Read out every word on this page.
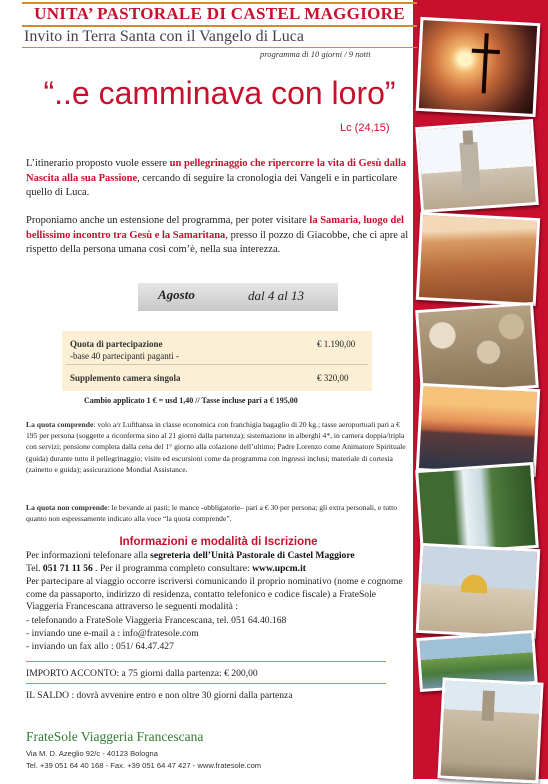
UNITA’ PASTORALE DI CASTEL MAGGIORE
Invito in Terra Santa con il Vangelo di Luca
programma di 10 giorni / 9 notti
“..e camminava con loro”
Lc (24,15)
L’itinerario proposto vuole essere un pellegrinaggio che ripercorre la vita di Gesù dalla Nascita alla sua Passione, cercando di seguire la cronologia dei Vangeli e in particolare quello di Luca.
Proponiamo anche un estensione del programma, per poter visitare la Samaria, luogo del bellissimo incontro tra Gesù e la Samaritana, presso il pozzo di Giacobbe, che ci apre al rispetto della persona umana così com’è, nella sua interezza.
Agosto	dal 4 al 13
Quota di partecipazione	€ 1.190,00
-base 40 partecipanti paganti -
Supplemento camera singola	€ 320,00
Cambio applicato 1 € = usd 1,40 // Tasse incluse pari a € 195,00
La quota comprende: volo a/r Lufthansa in classe economica con franchigia bagaglio di 20 kg.; tasse aeroportuali pari a € 195 per persona (soggette a riconferma sino al 21 giorni dalla partenza); sistemazione in alberghi 4*, in camera doppia/tripla con servizi; pensione completa dalla cena del 1° giorno alla colazione dell’ultimo; Padre Lorenzo come Animatore Spirituale (guida) durante tutto il pellegrinaggio; visite ed escursioni come da programma con ingressi inclusi; materiale di cortesia (zainetto e guida); assicurazione Mondial Assistance.
La quota non comprende: le bevande ai pasti; le mance -obbligatorie– pari a € 30 per persona; gli extra personali, e tutto quanto non espressamente indicato alla voce “la quota comprende”.
Informazioni e modalità di Iscrizione
Per informazioni telefonare alla segreteria dell’Unità Pastorale di Castel Maggiore
Tel. 051 71 11 56 . Per il programma completo consultare: www.upcm.it
Per partecipare al viaggio occorre iscriversi comunicando il proprio nominativo (nome e cognome come da passaporto, indirizzo di residenza, contatto telefonico e codice fiscale) a FrateSole Viaggeria Francescana attraverso le seguenti modalità :
- telefonando a FrateSole Viaggeria Francescana, tel. 051 64.40.168
- inviando une e-mail a : info@fratesole.com
- inviando un fax allo : 051/ 64.47.427
IMPORTO ACCONTO: a 75 giorni dalla partenza: € 200,00
IL SALDO : dovrà avvenire entro e non oltre 30 giorni dalla partenza
FrateSole Viaggeria Francescana
Via M. D. Azeglio 92/c - 40123 Bologna
Tel. +39 051 64 40 168 - Fax. +39 051 64 47 427 - www.fratesole.com
